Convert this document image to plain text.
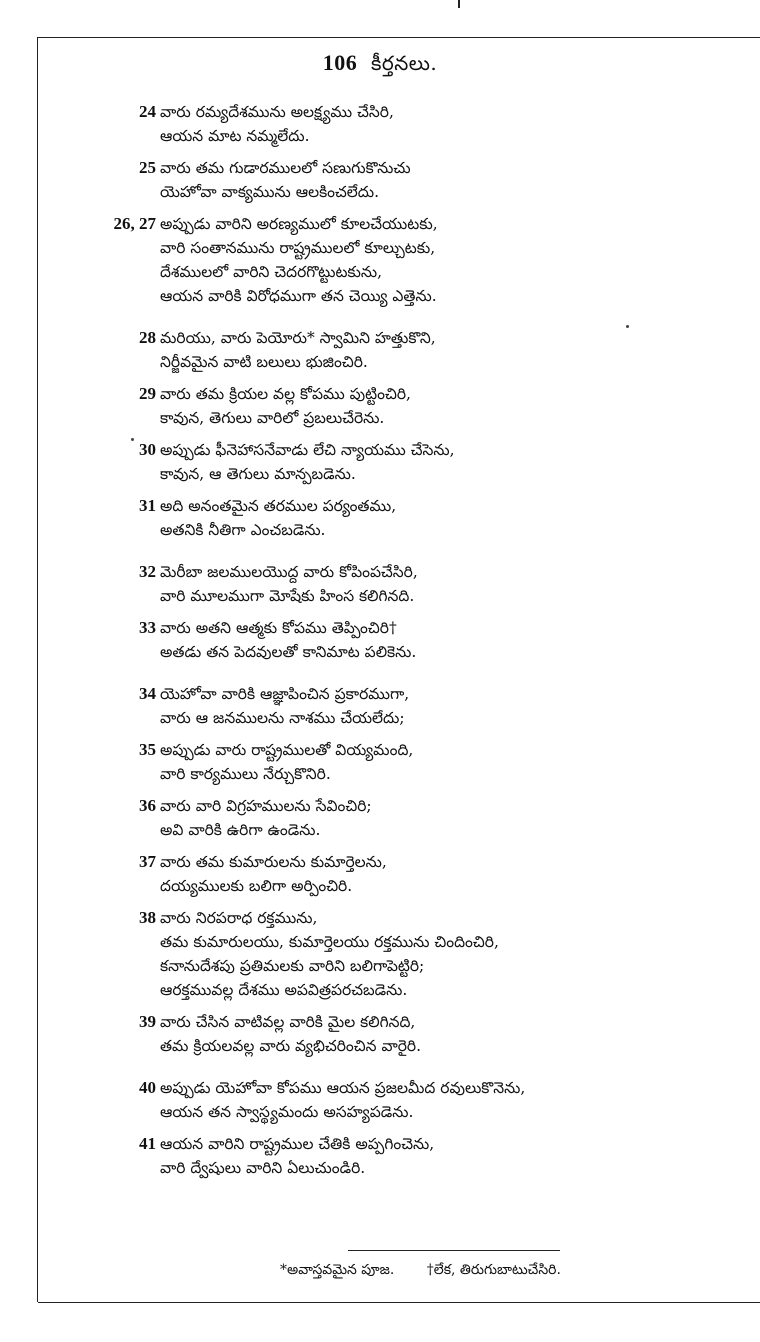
106 కీర్తనలు.
24 వారు రమ్యదేశమును అలక్ష్యము చేసిరి,
ఆయన మాట నమ్మలేదు.
25 వారు తమ గుడారములలో సణుగుకొనుచు
యెహోవా వాక్యమును ఆలకించలేదు.
26, 27 అప్పుడు వారిని అరణ్యములో కూలచేయుటకు,
వారి సంతానమును రాష్ట్రములలో కూల్చుటకు,
దేశములలో వారిని చెదరగొట్టుటకును,
ఆయన వారికి విరోధముగా తన చెయ్యి ఎత్తెను.
28 మరియు, వారు పెయోరు* స్వామిని హత్తుకొని,
నిర్జీవమైన వాటి బలులు భుజించిరి.
29 వారు తమ క్రియల వల్ల కోపము పుట్టించిరి,
కావున, తెగులు వారిలో ప్రబలుచేరెను.
30 అప్పుడు ఫీనెహాసనేవాడు లేచి న్యాయము చేసెను,
కావున, ఆ తెగులు మాన్పబడెను.
31 అది అనంతమైన తరముల పర్యంతము,
అతనికి నీతిగా ఎంచబడెను.
32 మెరీబా జలములయొద్ద వారు కోపింపచేసిరి,
వారి మూలముగా మోషేకు హింస కలిగినది.
33 వారు అతని ఆత్మకు కోపము తెప్పించిరి†
అతడు తన పెదవులతో కానిమాట పలికెను.
34 యెహోవా వారికి ఆజ్ఞాపించిన ప్రకారముగా,
వారు ఆ జనములను నాశము చేయలేదు;
35 అప్పుడు వారు రాష్ట్రములతో వియ్యమంది,
వారి కార్యములు నేర్చుకొనిరి.
36 వారు వారి విగ్రహములను సేవించిరి;
అవి వారికి ఉరిగా ఉండెను.
37 వారు తమ కుమారులను కుమార్తెలను,
దయ్యములకు బలిగా అర్పించిరి.
38 వారు నిరపరాధ రక్తమును,
తమ కుమారులయు, కుమార్తెలయు రక్తమును చిందించిరి,
కనానుదేశపు ప్రతిమలకు వారిని బలిగాపెట్టిరి;
ఆరక్తమువల్ల దేశము అపవిత్రపరచబడెను.
39 వారు చేసిన వాటివల్ల వారికి మైల కలిగినది,
తమ క్రియలవల్ల వారు వ్యభిచరించిన వారైరి.
40 అప్పుడు యెహోవా కోపము ఆయన ప్రజలమీద రవులుకొనెను,
ఆయన తన స్వాస్థ్యమందు అసహ్యపడెను.
41 ఆయన వారిని రాష్ట్రముల చేతికి అప్పగించెను,
వారి ద్వేషులు వారిని ఏలుచుండిరి.
*అవాస్తవమైన పూజ. †లేక, తిరుగుబాటుచేసిరి.
